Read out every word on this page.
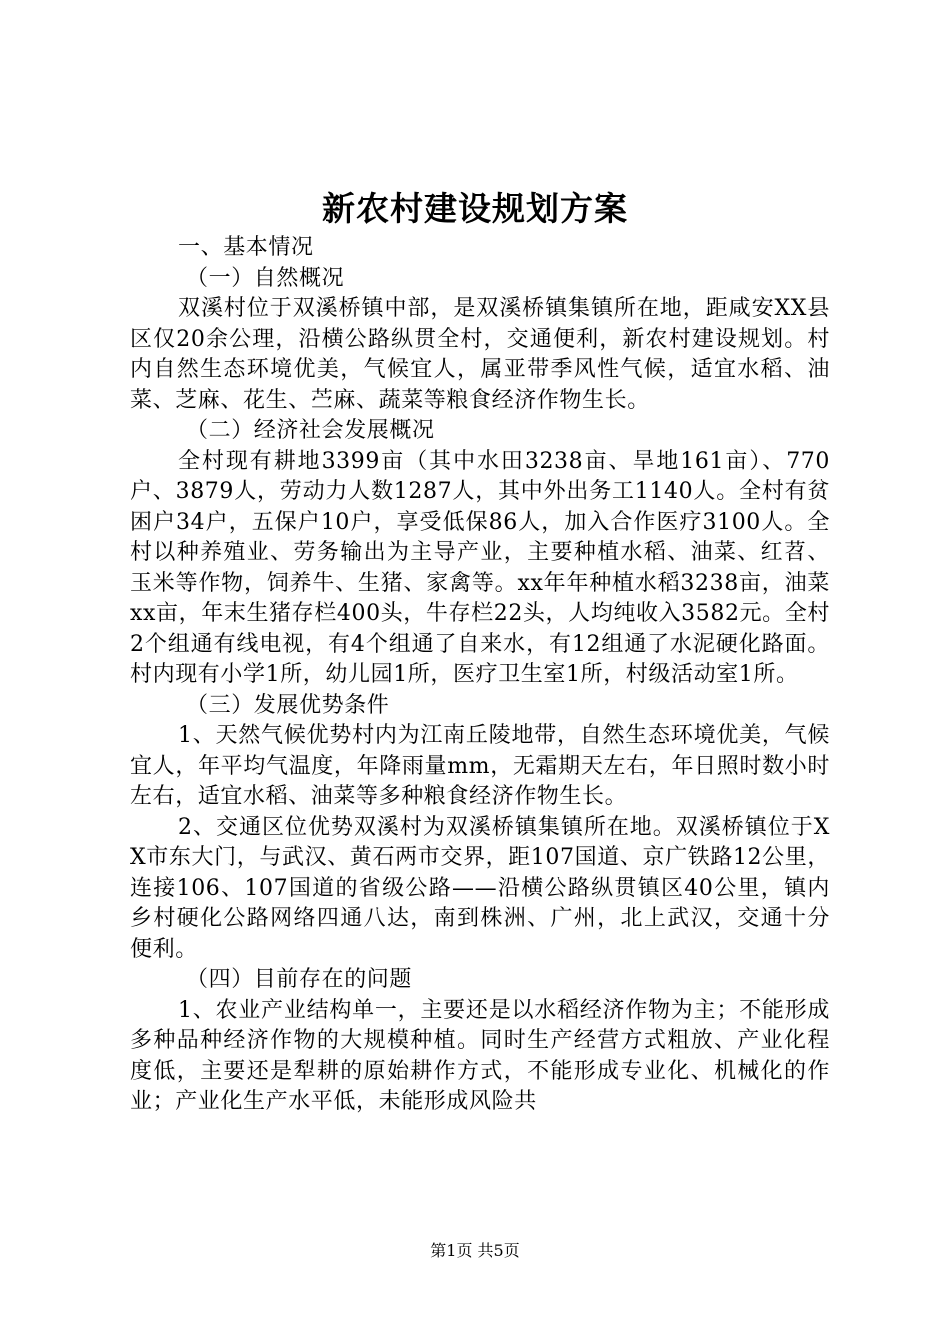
新农村建设规划方案

一、基本情况

（一）自然概况

双溪村位于双溪桥镇中部，是双溪桥镇集镇所在地，距咸安XX县区仅20余公理，沿横公路纵贯全村，交通便利，新农村建设规划。村内自然生态环境优美，气候宜人，属亚带季风性气候，适宜水稻、油菜、芝麻、花生、苎麻、蔬菜等粮食经济作物生长。

（二）经济社会发展概况

全村现有耕地3399亩（其中水田3238亩、旱地161亩）、770户、3879人，劳动力人数1287人，其中外出务工1140人。全村有贫困户34户，五保户10户，享受低保86人，加入合作医疗3100人。全村以种养殖业、劳务输出为主导产业，主要种植水稻、油菜、红苕、玉米等作物，饲养牛、生猪、家禽等。xx年年种植水稻3238亩，油菜xx亩，年末生猪存栏400头，牛存栏22头，人均纯收入3582元。全村2个组通有线电视，有4个组通了自来水，有12组通了水泥硬化路面。村内现有小学1所，幼儿园1所，医疗卫生室1所，村级活动室1所。

（三）发展优势条件

1、天然气候优势村内为江南丘陵地带，自然生态环境优美，气候宜人，年平均气温度，年降雨量mm，无霜期天左右，年日照时数小时左右，适宜水稻、油菜等多种粮食经济作物生长。

2、交通区位优势双溪村为双溪桥镇集镇所在地。双溪桥镇位于XX市东大门，与武汉、黄石两市交界，距107国道、京广铁路12公里，连接106、107国道的省级公路——沿横公路纵贯镇区40公里，镇内乡村硬化公路网络四通八达，南到株洲、广州，北上武汉，交通十分便利。

（四）目前存在的问题

1、农业产业结构单一，主要还是以水稻经济作物为主；不能形成多种品种经济作物的大规模种植。同时生产经营方式粗放、产业化程度低，主要还是犁耕的原始耕作方式，不能形成专业化、机械化的作业；产业化生产水平低，未能形成风险共

第1页 共5页
